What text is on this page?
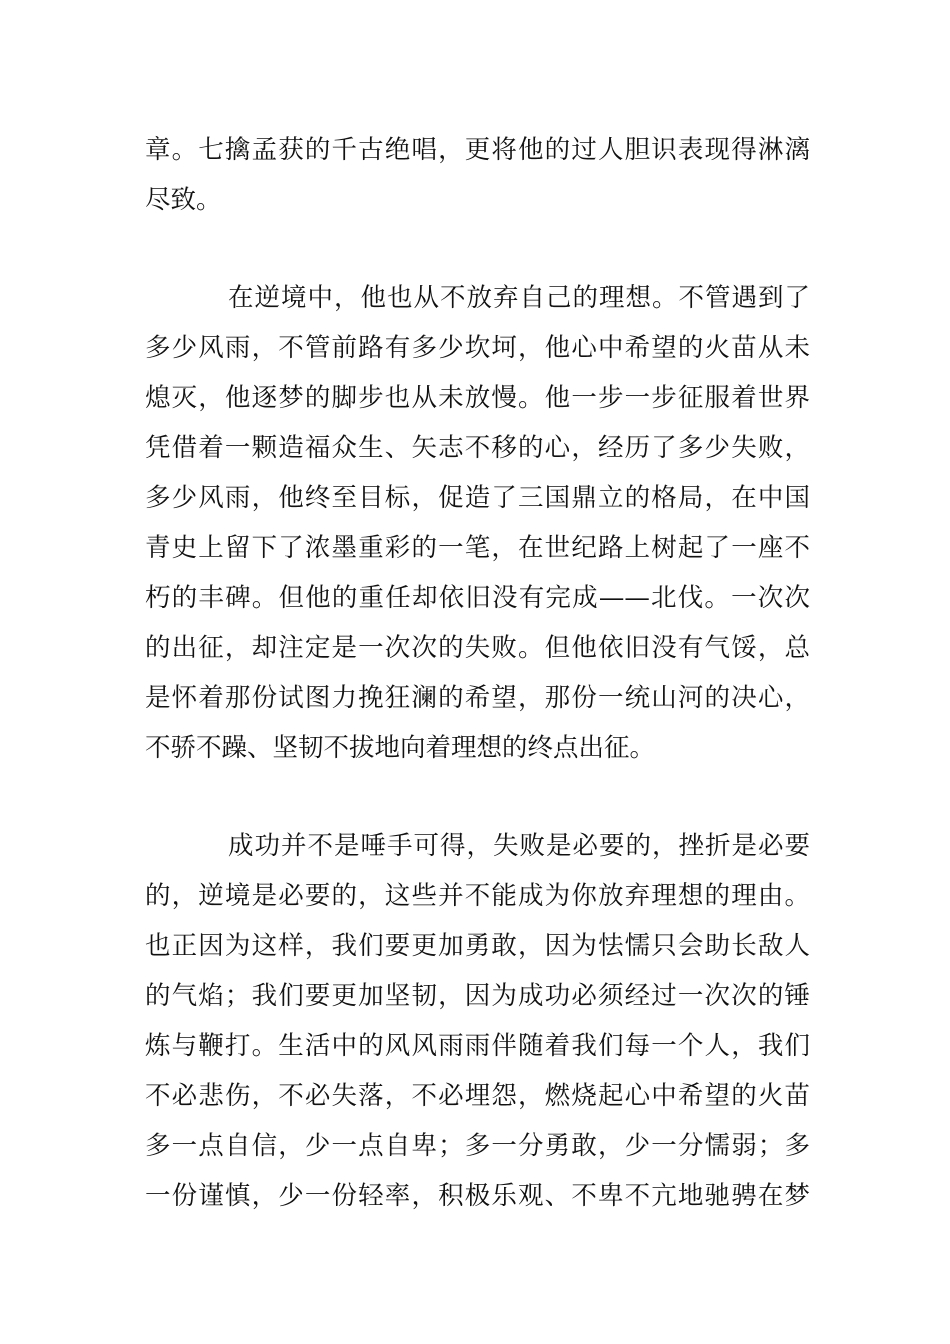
章。七擒孟获的千古绝唱，更将他的过人胆识表现得淋漓
尽致。
在逆境中，他也从不放弃自己的理想。不管遇到了
多少风雨，不管前路有多少坎坷，他心中希望的火苗从未
熄灭，他逐梦的脚步也从未放慢。他一步一步征服着世界
凭借着一颗造福众生、矢志不移的心，经历了多少失败，
多少风雨，他终至目标，促造了三国鼎立的格局，在中国
青史上留下了浓墨重彩的一笔，在世纪路上树起了一座不
朽的丰碑。但他的重任却依旧没有完成——北伐。一次次
的出征，却注定是一次次的失败。但他依旧没有气馁，总
是怀着那份试图力挽狂澜的希望，那份一统山河的决心，
不骄不躁、坚韧不拔地向着理想的终点出征。
成功并不是唾手可得，失败是必要的，挫折是必要
的，逆境是必要的，这些并不能成为你放弃理想的理由。
也正因为这样，我们要更加勇敢，因为怯懦只会助长敌人
的气焰；我们要更加坚韧，因为成功必须经过一次次的锤
炼与鞭打。生活中的风风雨雨伴随着我们每一个人，我们
不必悲伤，不必失落，不必埋怨，燃烧起心中希望的火苗
多一点自信，少一点自卑；多一分勇敢，少一分懦弱；多
一份谨慎，少一份轻率，积极乐观、不卑不亢地驰骋在梦
